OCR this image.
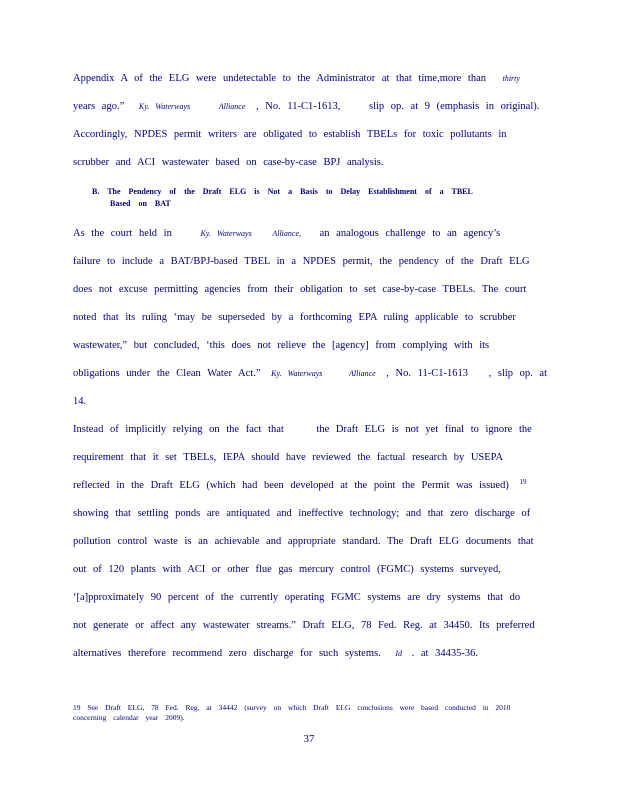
Appendix A of the ELG were undetectable to the Administrator at that time,more than thirty
years ago.” Ky. Waterways	Alliance , No. 11-C1-1613,	slip op. at 9 (emphasis in original).
Accordingly, NPDES permit writers are obligated to establish TBELs for toxic pollutants in
scrubber and ACI wastewater based on case-by-case BPJ analysis.
B. The Pendency of the Draft ELG is Not a Basis to Delay Establishment of a TBEL
Based on BAT
As the court held in	Ky. Waterways	Alliance, an analogous challenge to an agency’s
failure to include a BAT/BPJ-based TBEL in a NPDES permit, the pendency of the Draft ELG
does not excuse permitting agencies from their obligation to set case-by-case TBELs. The court
noted that its ruling ‘may be superseded by a forthcoming EPA ruling applicable to scrubber
wastewater,” but concluded, ‘this does not relieve the [agency] from complying with its
obligations under the Clean Water Act.” Ky. Waterways	Alliance , No. 11-C1-1613 , slip op. at
14.
Instead of implicitly relying on the fact that	the Draft ELG is not yet final to ignore the
requirement that it set TBELs, IEPA should have reviewed the factual research by USEPA
reflected in the Draft ELG (which had been developed at the point the Permit was issued) $^{19}$
showing that settling ponds are antiquated and ineffective technology; and that zero discharge of
pollution control waste is an achievable and appropriate standard. The Draft ELG documents that
out of 120 plants with ACI or other flue gas mercury control (FGMC) systems surveyed,
‘[a]pproximately 90 percent of the currently operating FGMC systems are dry systems that do
not generate or affect any wastewater streams.” Draft ELG, 78 Fed. Reg. at 34450. Its preferred
alternatives therefore recommend zero discharge for such systems. Id . at 34435-36.
19 See Draft ELG, 78 Fed. Reg. at 34442 (survey on which Draft ELG conclusions were based conducted in 2010
concerning calendar year 2009).
37
